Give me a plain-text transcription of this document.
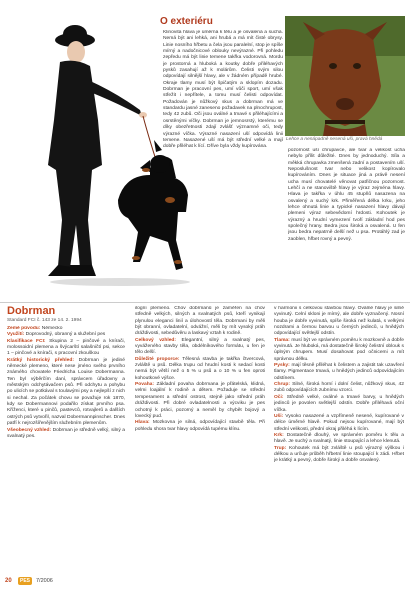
O exteriéru
Klinovitá hlava je úměrná k tělu a je osvalená a suchá. Nemá být ani lehká, ani hrubá a má mít čisté obrysy. Linie nosního hřbetu a čela jsou paralelní, stop je spíše mírný a nadočnicové oblouky nevýrazné. Při pohledu zepředu má být linie temene takřka vodorovná. Mordu je prostorná a hluboká a koutky dobře přiléhavých pysků zasahují až k molárům. Čelisti svým silou odpovídají silnější hlavy, ale v žádném případě hrubé. Okraje tlamy musí být špičatým a sklopím dozadu. Dobrman je pracovní pes, umí vůči sport, umí však střežit i nepřítele, a tomu musí čelisti odpovídat. Požadován je nůžkový skus a dobrman má ve standardu jasné zaneseno požadavek na plnochrupost, tedy 42 zubů. Oči jsou oválné a tmavé s přiléhajícími a osrstěnými víčky. Dobrman je jemnosrstý, kterému se díky obezřetnosti zdají zvlášť významné oči, tedy výrazné víčka. Výrazné nasazení uší odpovídá linii temene. Nasazené uší má být střední velké a mají dobře přiléhat k lící. Dříve byla vždy kupírována.
Lehce a nenápadně nesená uši, pravá hnědá
pozornost uší chrupavce, ale tvar a velikost ucha nebylo přílit důležité. Dnes by jednoduchý. Síla a měkká chrupavka zmenšená zadní a postavením uší. Neposlušnost tvar nebo velikost kopírovalo kupírováním. Dnes je situace jiná a právě nesení ucha musí chovatelé věnovat patřičnou pozornost. Lehčí a ne stanoviště hlavy je výraz zejména hlavy. Hlava je takřka v úhlu 45 stupňů nasazena na osvalený a suchý krk. Přiměřená délka krku, jeho lehce ohnutá linie a typické nasazení hlavy dávají plemeni výraz sebevědomí hrdosti. Kohoutek je výrazný a hrudní vymezení tvoří základní hod pes společný hrany. Bedra jsou široká a osvalená. U fen jsou bedra nepatrně delší než u psa. Protáhlý zad je zaoblen, hřbet rovný a pevný.
Dobrman
Standard FCI č. 143 ze 14. 2. 1994
Země původu: Německo
Využití: Doprovodný, obranný a služební pes
Klasifikace FCI: Skupina 2 – pinčové a knírači, molossoidní plemena a švýcarští salašničtí psi, sekce 1 – pinčové a knírači, s pracovní zkouškou
Krátký historický přehled: Dobrman je jediné německé plemeno, které nese jméno svého prvního známého chovatele Friedricha Louise Dobermanna. Ten byl výběrčím daní, správcem úřadovny a městským odchytávačem psů. Při odchytu a pohybu po ulicích se potkával s toulavými psy a nejlepší z nich si nechal. Za počátek chovu se považuje rok 1870, kdy se Dobermannovi podařilo získat prvního psa. Kříženci, které u pinčů, pastevců, rotvajlerů a dalších ostrých psů vytvořil, nazval Dobermannpinscher. Dnes patří k nejrozšířenějším služebním plemenům.
Všeobecný vzhled: Dobrman je středně velký, silný a svalnatý pes.
ilogní plemeno. Chov dobrmanů je zaměřen na chov středně velkých, silných a svalnatých psů, kteří vynikají plynulou eleganci linií a úlohovostí těla. Dobrmani by měli být obranní, ovladatelní, odvážní, měli by mít vysoký práh dráždivosti, sebedůvěru a laskavý vztah k rodině.
Celkový vzhled: Elegantní, silný a svalnatý pes, vyváženého stavby těla, obdélníkového formátu, u fen je tělo delší.
Důležité proporce: Tělesná stavba je takřka čtvercová, zvláště u psů. Délka trupu od hrudní kosti k sedací kosti nemá být větší než o 5 % u psů a o 10 % u fen oproti kohoutkové výšce.
Povaha: Základní povaha dobrmana je přátelská, klidná, velmi loajální k rodině a dětem. Požaduje se střední temperament a střední ostrost, stejně jako střední práh dráždivosti. Při dobré ovladatelnosti a výcviku je pes ochotný k práci, pozorný a neměl by chybět bojový a lovecký pud.
Hlava: Mozkovna je silná, odpovídající stavbě těla. Při pohledu shora tvar hlavy odpovídá tupému klínu.
v harmonii s celkovou stavbou hlavy. Oválné hlavy je silně vyvinutý. Celní skloni je mírný, ale dobře vyznačený. Nosní houba je dobře vyvinutá, spíše široká než kulatá, s velkými nozdrami a černou barvou u černých jedinců, u hnědých odpovídající světlejší odstín.
Tlama: musí být ve správném poměru k mozkovně a dobře vyvinutá. Je hluboká, má dostatečně široký čelistní oblouk s úplným chrupem. Musí dosahovat pod očnicemi a mít správnou délku.
Pysky: mají těsně přiléhat k čelistem a zajistit tak uzavření tlamy. Pigmentace tmavá, u hnědých jedinců odpovídajícím odstínem.
Chrup: Silné, široká horní i dolní čelist, nůžkový skus, 42 zubů odpovídajících zubnímu vzorci.
Oči: Středně velké, oválné a tmavé barvy, u hnědých jedinců je povolen světlejší odstín. Dobře přiléhavá oční víčka.
Uši: Vysoko nasazené a vzpřímeně nesené, kupírované v délce úměrné hlavě. Pokud nejsou kupírované, mají být střední velikosti, přední okraj přiléhá k lícím.
Krk: Dostatečně dlouhý, ve správném poměru k tělu a hlavě. Je suchý a svalnatý, linie stoupající a lehce klenutá.
Trup: Kohoutek má být zvláště u psů výrazný výškou i délkou a určuje průběh hřbetní linie stoupající k zádi. Hřbet je krátký a pevný, dobře široký a dobře osvalený.
20	PES	7/2006
